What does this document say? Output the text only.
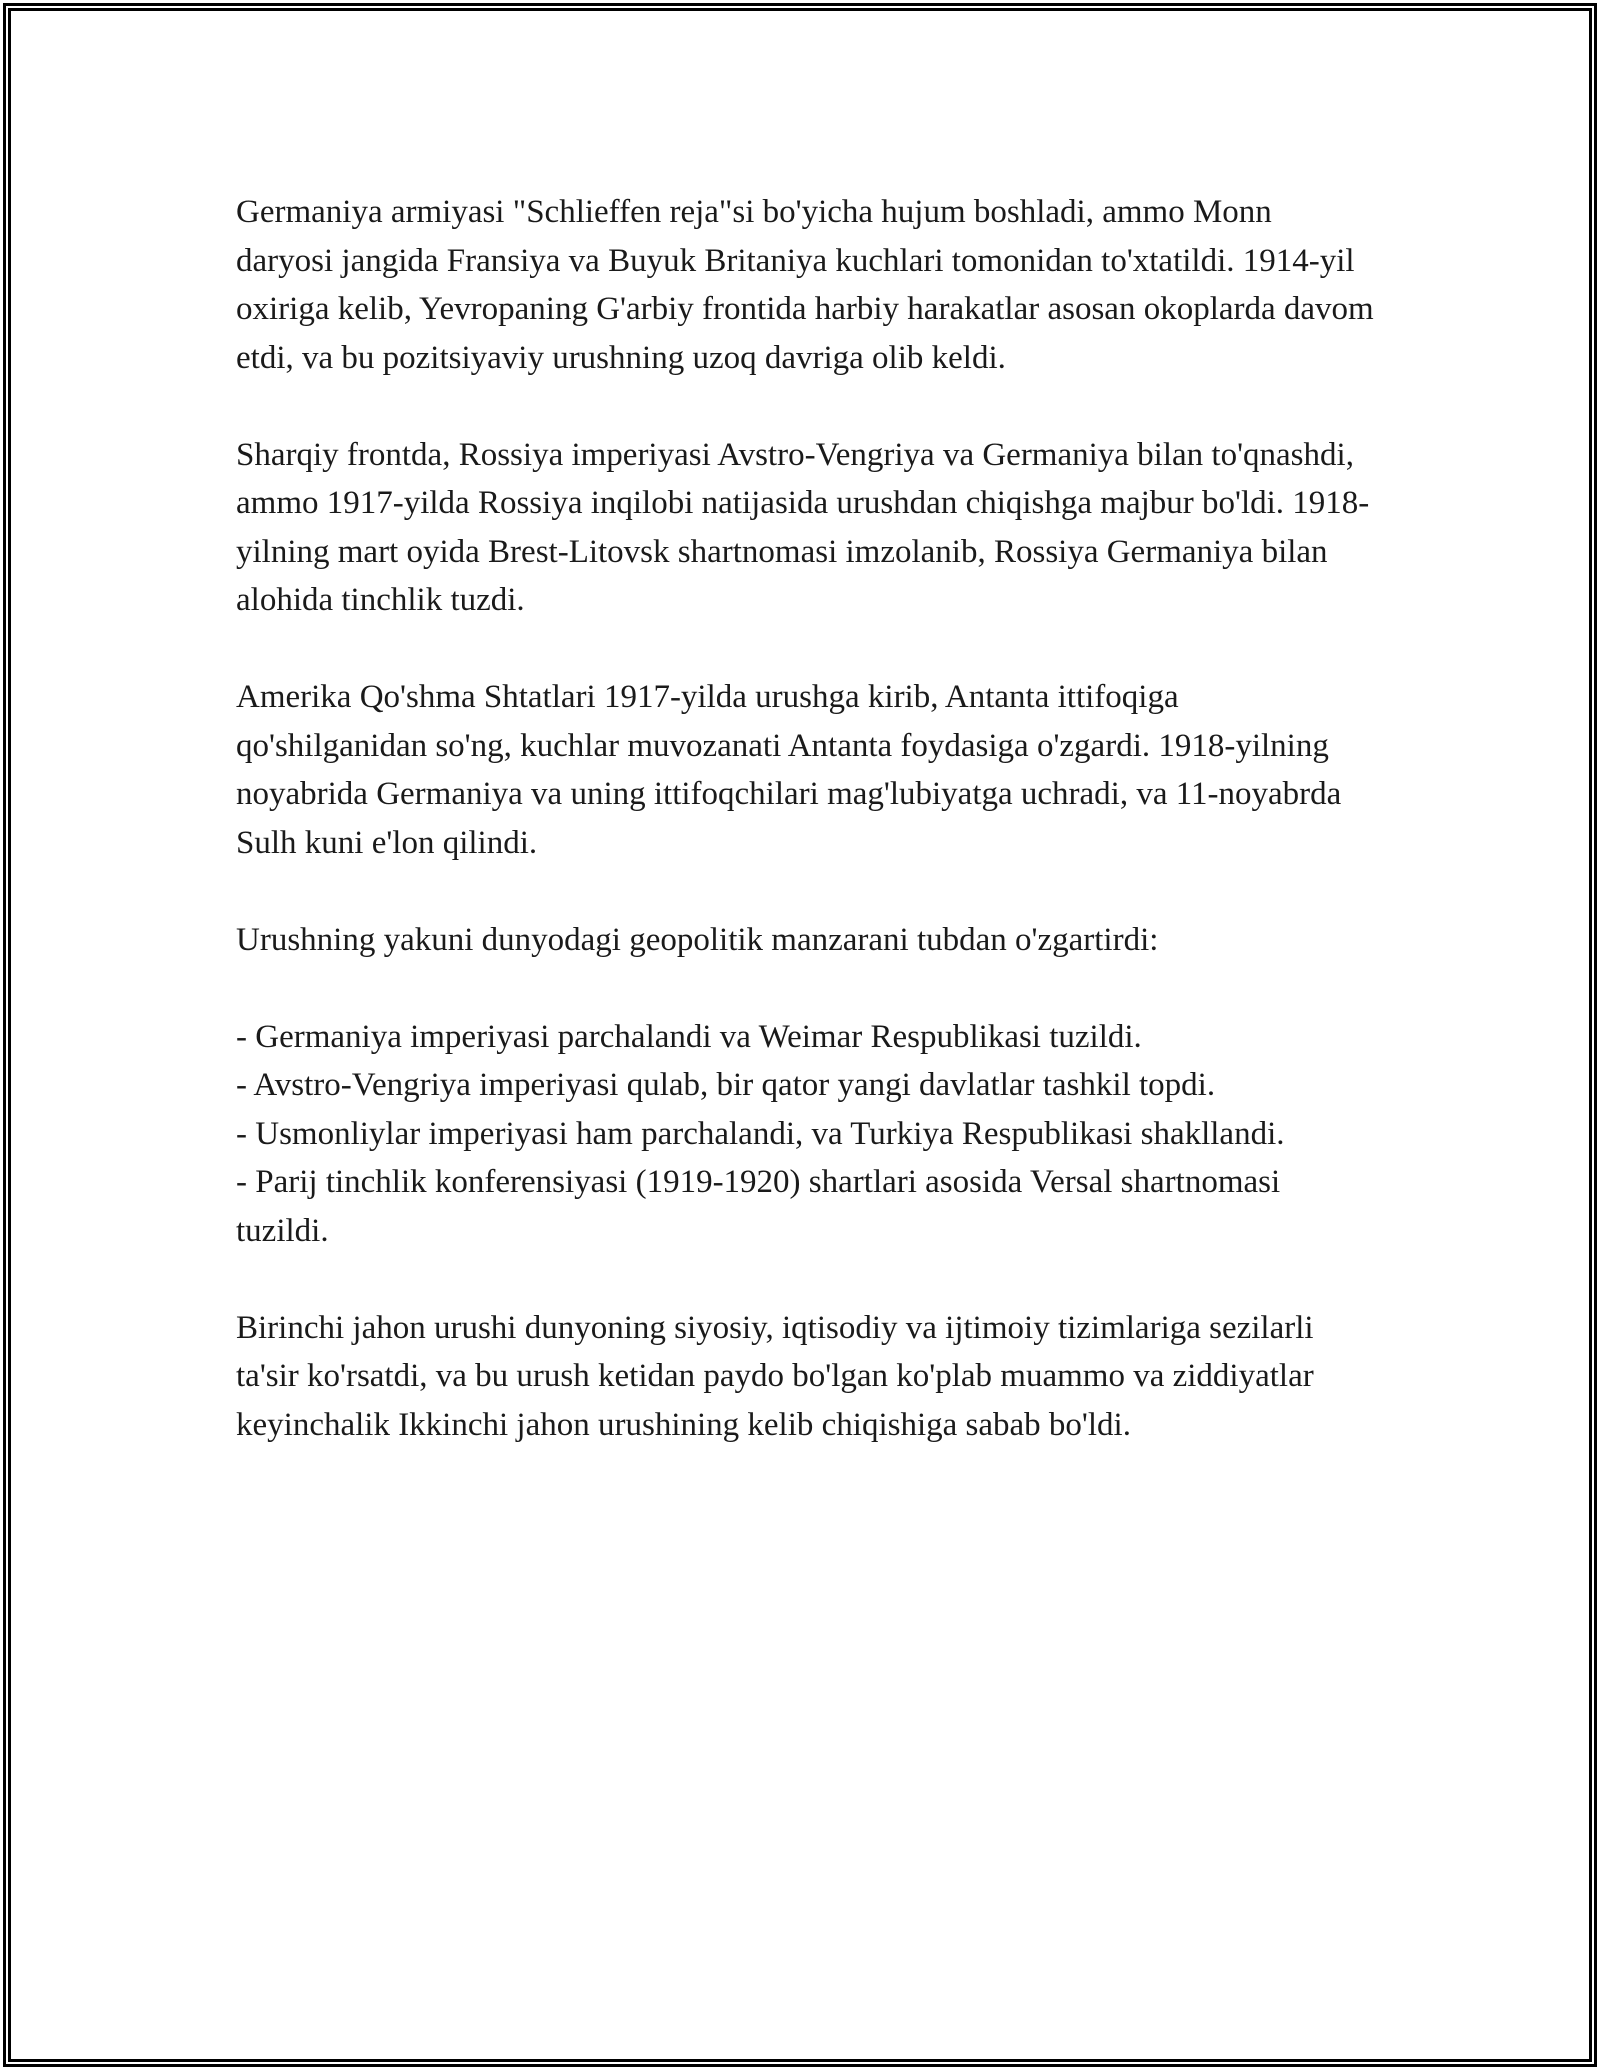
Germaniya armiyasi "Schlieffen reja"si bo'yicha hujum boshladi, ammo Monn daryosi jangida Fransiya va Buyuk Britaniya kuchlari tomonidan to'xtatildi. 1914-yil oxiriga kelib, Yevropaning G'arbiy frontida harbiy harakatlar asosan okoplarda davom etdi, va bu pozitsiyaviy urushning uzoq davriga olib keldi.

Sharqiy frontda, Rossiya imperiyasi Avstro-Vengriya va Germaniya bilan to'qnashdi, ammo 1917-yilda Rossiya inqilobi natijasida urushdan chiqishga majbur bo'ldi. 1918-yilning mart oyida Brest-Litovsk shartnomasi imzolanib, Rossiya Germaniya bilan alohida tinchlik tuzdi.

Amerika Qo'shma Shtatlari 1917-yilda urushga kirib, Antanta ittifoqiga qo'shilganidan so'ng, kuchlar muvozanati Antanta foydasiga o'zgardi. 1918-yilning noyabrida Germaniya va uning ittifoqchilari mag'lubiyatga uchradi, va 11-noyabrda Sulh kuni e'lon qilindi.

Urushning yakuni dunyodagi geopolitik manzarani tubdan o'zgartirdi:

- Germaniya imperiyasi parchalandi va Weimar Respublikasi tuzildi.
- Avstro-Vengriya imperiyasi qulab, bir qator yangi davlatlar tashkil topdi.
- Usmonliylar imperiyasi ham parchalandi, va Turkiya Respublikasi shakllandi.
- Parij tinchlik konferensiyasi (1919-1920) shartlari asosida Versal shartnomasi tuzildi.

Birinchi jahon urushi dunyoning siyosiy, iqtisodiy va ijtimoiy tizimlariga sezilarli ta'sir ko'rsatdi, va bu urush ketidan paydo bo'lgan ko'plab muammo va ziddiyatlar keyinchalik Ikkinchi jahon urushining kelib chiqishiga sabab bo'ldi.
